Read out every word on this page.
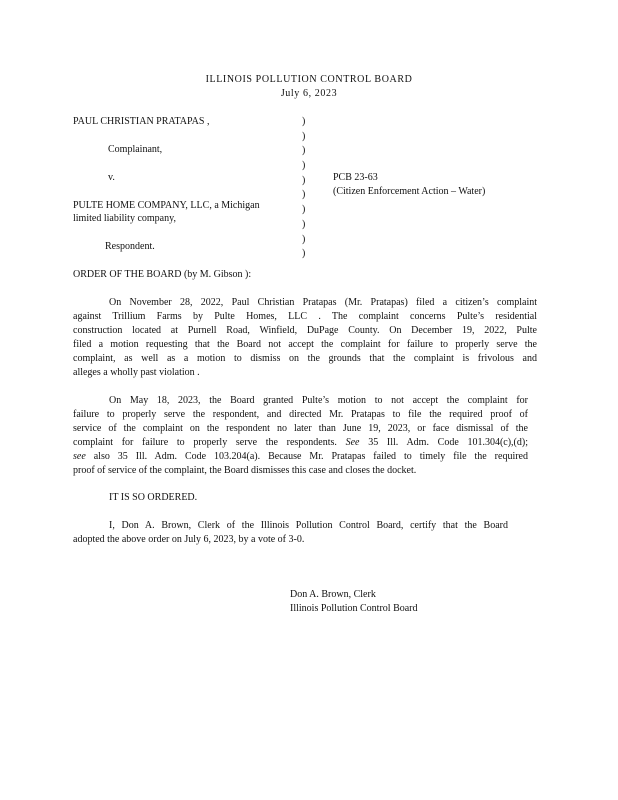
ILLINOIS POLLUTION CONTROL BOARD
July 6, 2023
PAUL CHRISTIAN PRATAPAS ,
Complainant,
v.
PULTE HOME COMPANY, LLC, a Michigan
limited liability company,
Respondent.
)
)
)
)
)
)
)
)
)
)
PCB 23-63
(Citizen Enforcement Action – Water)
ORDER OF THE BOARD (by M. Gibson ):
On November 28, 2022, Paul Christian Pratapas (Mr. Pratapas) filed a citizen’s complaint
against Trillium Farms by Pulte Homes, LLC . The complaint concerns Pulte’s residential
construction located at Purnell Road, Winfield, DuPage County. On December 19, 2022, Pulte
filed a motion requesting that the Board not accept the complaint for failure to properly serve the
complaint, as well as a motion to dismiss on the grounds that the complaint is frivolous and
alleges a wholly past violation .
On May 18, 2023, the Board granted Pulte’s motion to not accept the complaint for
failure to properly serve the respondent, and directed Mr. Pratapas to file the required proof of
service of the complaint on the respondent no later than June 19, 2023, or face dismissal of the
complaint for failure to properly serve the respondents. See 35 Ill. Adm. Code 101.304(c),(d);
see also 35 Ill. Adm. Code 103.204(a). Because Mr. Pratapas failed to timely file the required
proof of service of the complaint, the Board dismisses this case and closes the docket.
IT IS SO ORDERED.
I, Don A. Brown, Clerk of the Illinois Pollution Control Board, certify that the Board
adopted the above order on July 6, 2023, by a vote of 3-0.
Don A. Brown, Clerk
Illinois Pollution Control Board
